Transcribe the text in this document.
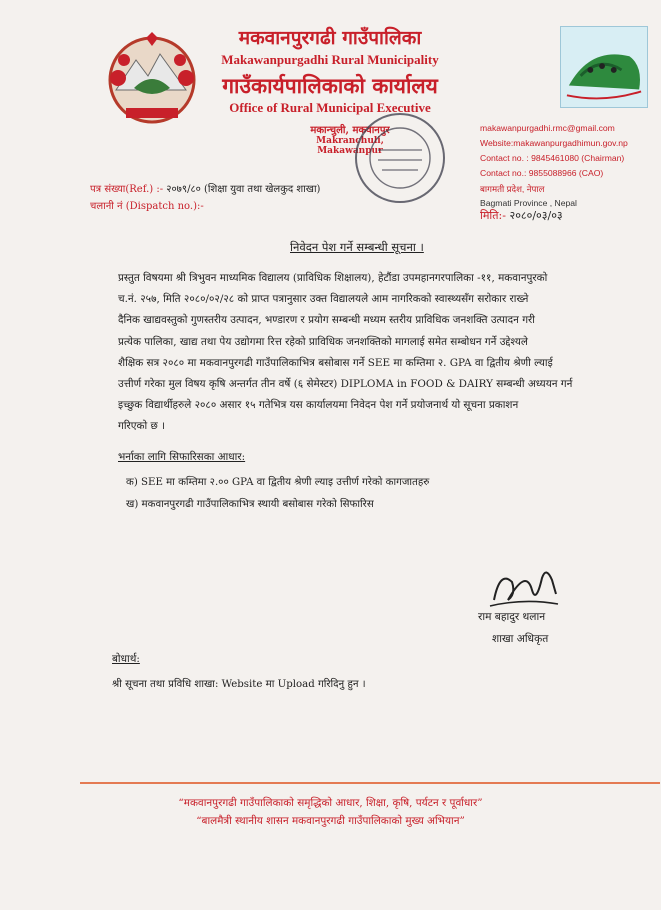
मकवानपुरगढी गाउँपालिका
Makawanpurgadhi Rural Municipality
गाउँकार्यपालिकाको कार्यालय
Office of Rural Municipal Executive
मकान्चुली, मकवानपुर
Makranchuli, Makawanpur
makawanpurgadhi.rmc@gmail.com
Website:makawanpurgadhimun.gov.np
Contact no. : 9845461080 (Chairman)
Contact no.: 9855088966 (CAO)
बागमती प्रदेश, नेपाल
Bagmati Province , Nepal
पत्र संख्या(Ref.) :- २०७९/८० (शिक्षा युवा तथा खेलकुद शाखा)
चलानी नं (Dispatch no.):-
मिति:- २०८०/०३/०३
निवेदन पेश गर्ने सम्बन्धी सूचना ।
प्रस्तुत विषयमा श्री त्रिभुवन माध्यमिक विद्यालय (प्राविधिक शिक्षालय), हेटौंडा उपमहानगरपालिका -११, मकवानपुरको
च.नं. २५७, मिति २०८०/०२/२८ को प्राप्त पत्रानुसार उक्त विद्यालयले आम नागरिकको स्वास्थ्यसँग सरोकार राख्ने
दैनिक खाद्यवस्तुको गुणस्तरीय उत्पादन, भण्डारण र प्रयोग सम्बन्धी मध्यम स्तरीय प्राविधिक जनशक्ति उत्पादन गरी
प्रत्येक पालिका, खाद्य तथा पेय उद्योगमा रित्त रहेको प्राविधिक जनशक्तिको मागलाई समेत सम्बोधन गर्ने उद्देश्यले
शैक्षिक सत्र २०८० मा मकवानपुरगढी गाउँपालिकाभित्र बसोबास गर्ने SEE मा कम्तिमा २. GPA वा द्वितीय श्रेणी ल्याई
उत्तीर्ण गरेका मुल विषय कृषि अन्तर्गत तीन वर्षे (६ सेमेस्टर) DIPLOMA in FOOD & DAIRY सम्बन्धी अध्ययन गर्न
इच्छुक विद्यार्थीहरुले २०८० असार १५ गतेभित्र यस कार्यालयमा निवेदन पेश गर्ने प्रयोजनार्थ यो सूचना प्रकाशन
गरिएको छ ।
भर्नाका लागि सिफारिसका आधार:
क) SEE मा कम्तिमा २.०० GPA वा द्वितीय श्रेणी ल्याइ उत्तीर्ण गरेको कागजातहरु
ख) मकवानपुरगढी गाउँपालिकाभित्र स्थायी बसोबास गरेको सिफारिस
राम बहादुर थलान
शाखा अधिकृत
बोधार्थ:
श्री सूचना तथा प्रविधि शाखा: Website मा Upload गरिदिनु हुन ।
“मकवानपुरगढी गाउँपालिकाको समृद्धिको आधार, शिक्षा, कृषि, पर्यटन र पूर्वाधार”
“बालमैत्री स्थानीय शासन मकवानपुरगढी गाउँपालिकाको मुख्य अभियान”
